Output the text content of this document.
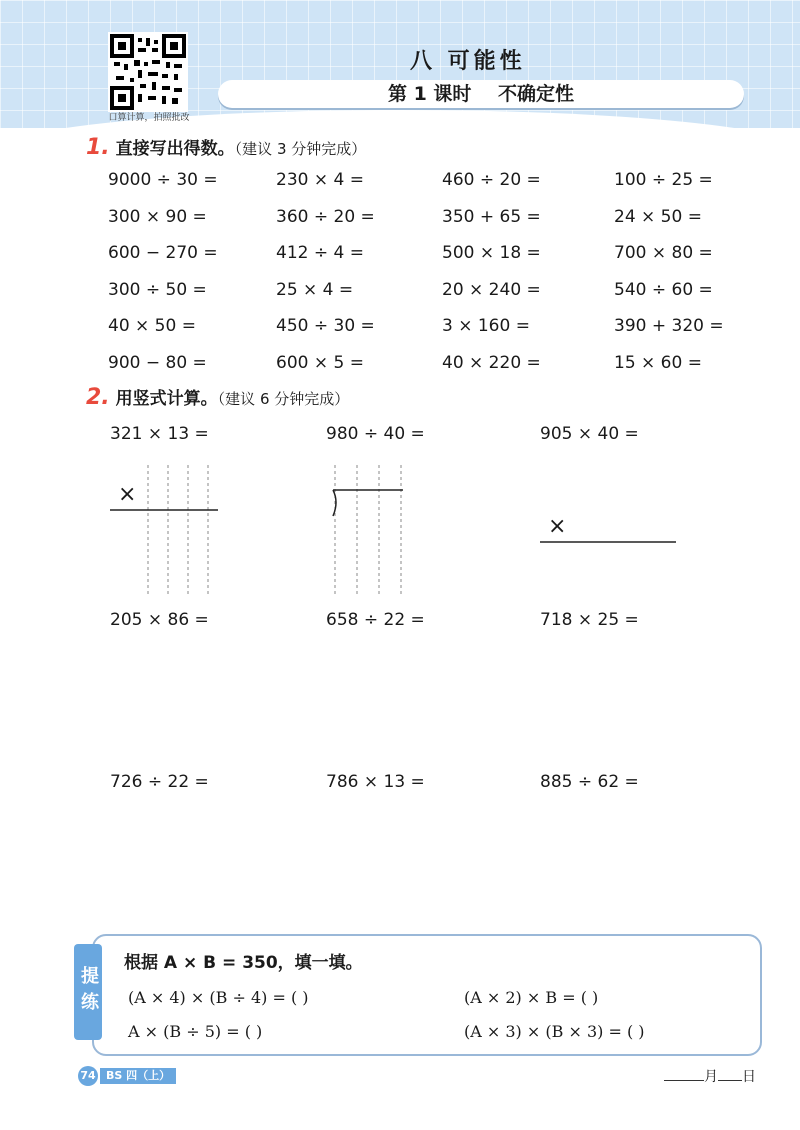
口算计算，拍照批改
八 可能性
第 1 课时 不确定性
1. 直接写出得数。（建议 3 分钟完成）
9000 ÷ 30 =	230 × 4 =	460 ÷ 20 =	100 ÷ 25 =
300 × 90 =	360 ÷ 20 =	350 + 65 =	24 × 50 =
600 − 270 =	412 ÷ 4 =	500 × 18 =	700 × 80 =
300 ÷ 50 =	25 × 4 =	20 × 240 =	540 ÷ 60 =
40 × 50 =	450 ÷ 30 =	3 × 160 =	390 + 320 =
900 − 80 =	600 × 5 =	40 × 220 =	15 × 60 =
2. 用竖式计算。（建议 6 分钟完成）
321 × 13 =	980 ÷ 40 =	905 × 40 =
205 × 86 =	658 ÷ 22 =	718 × 25 =
726 ÷ 22 =	786 × 13 =	885 ÷ 62 =
×
×
提练
根据 A × B = 350，填一填。
(A × 4) × (B ÷ 4) = ( )	(A × 2) × B = ( )
A × (B ÷ 5) = ( )	(A × 3) × (B × 3) = ( )
74 BS 四（上）	月 日
